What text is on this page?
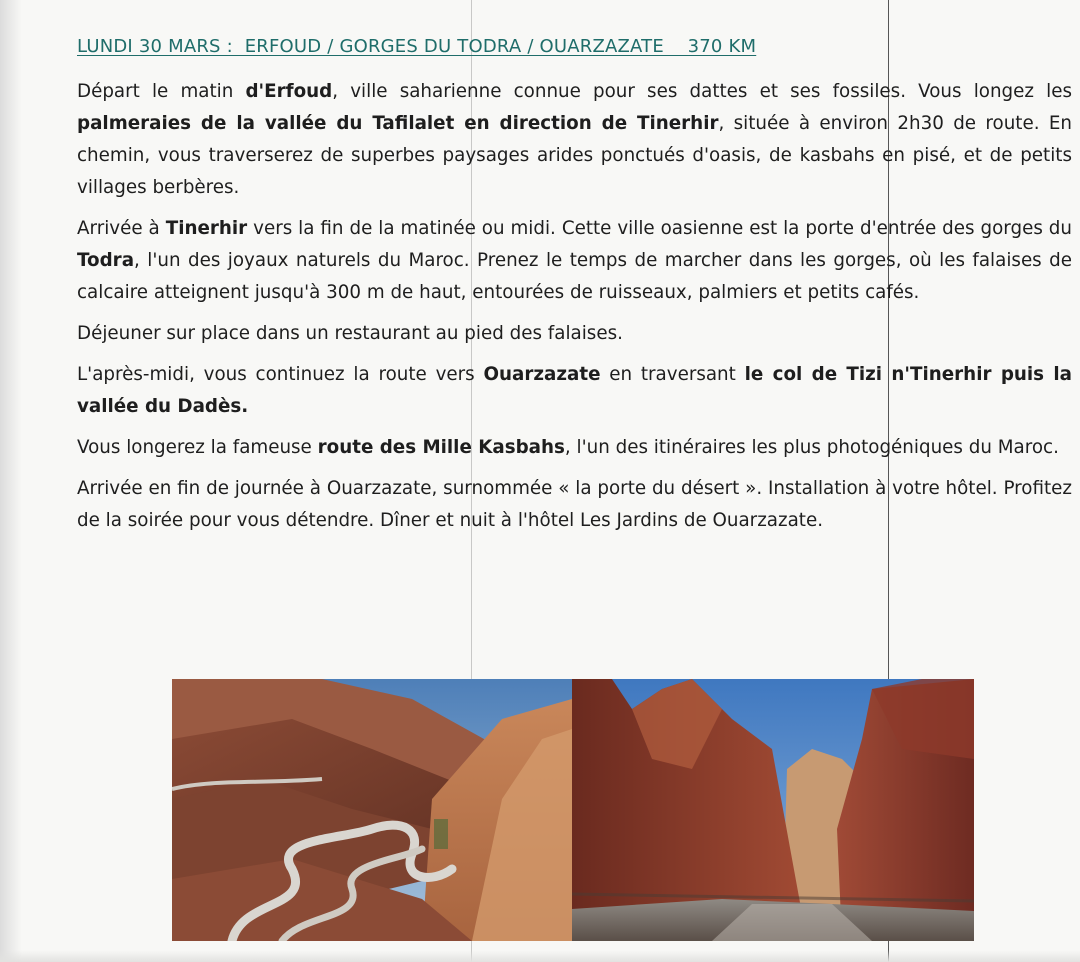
LUNDI 30 MARS :  ERFOUD / GORGES DU TODRA / OUARZAZATE    370 KM

Départ le matin d'Erfoud, ville saharienne connue pour ses dattes et ses fossiles. Vous longez les palmeraies de la vallée du Tafilalet en direction de Tinerhir, située à environ 2h30 de route. En chemin, vous traverserez de superbes paysages arides ponctués d'oasis, de kasbahs en pisé, et de petits villages berbères.

Arrivée à Tinerhir vers la fin de la matinée ou midi. Cette ville oasienne est la porte d'entrée des gorges du Todra, l'un des joyaux naturels du Maroc. Prenez le temps de marcher dans les gorges, où les falaises de calcaire atteignent jusqu'à 300 m de haut, entourées de ruisseaux, palmiers et petits cafés.

Déjeuner sur place dans un restaurant au pied des falaises.

L'après-midi, vous continuez la route vers Ouarzazate en traversant le col de Tizi n'Tinerhir puis la vallée du Dadès.

Vous longerez la fameuse route des Mille Kasbahs, l'un des itinéraires les plus photogéniques du Maroc.

Arrivée en fin de journée à Ouarzazate, surnommée « la porte du désert ». Installation à votre hôtel. Profitez de la soirée pour vous détendre. Dîner et nuit à l'hôtel Les Jardins de Ouarzazate.
